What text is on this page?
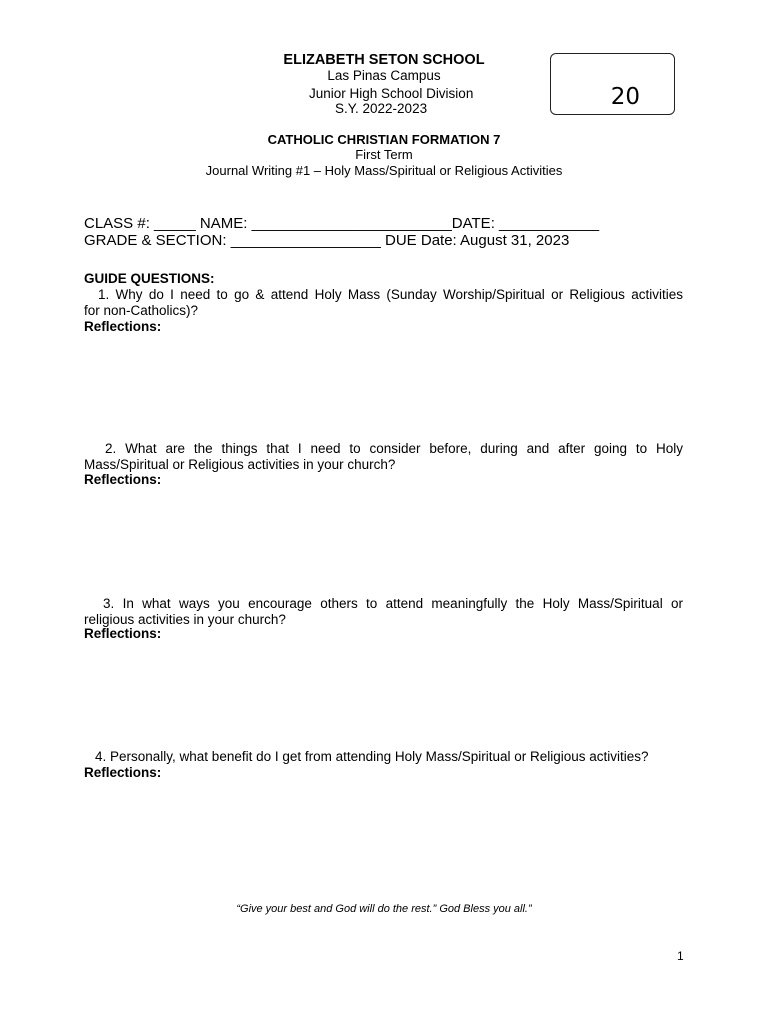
ELIZABETH SETON SCHOOL
Las Pinas Campus
Junior High School Division
S.Y. 2022-2023	20
CATHOLIC CHRISTIAN FORMATION 7
First Term
Journal Writing #1 – Holy Mass/Spiritual or Religious Activities
CLASS #: _____ NAME: ________________________DATE: ____________
GRADE & SECTION: __________________ DUE Date: August 31, 2023
GUIDE QUESTIONS:
1. Why do I need to go & attend Holy Mass (Sunday Worship/Spiritual or Religious activities
for non-Catholics)?
Reflections:
2. What are the things that I need to consider before, during and after going to Holy
Mass/Spiritual or Religious activities in your church?
Reflections:
3. In what ways you encourage others to attend meaningfully the Holy Mass/Spiritual or
religious activities in your church?
Reflections:
4. Personally, what benefit do I get from attending Holy Mass/Spiritual or Religious activities?
Reflections:
“Give your best and God will do the rest.” God Bless you all.”
1
